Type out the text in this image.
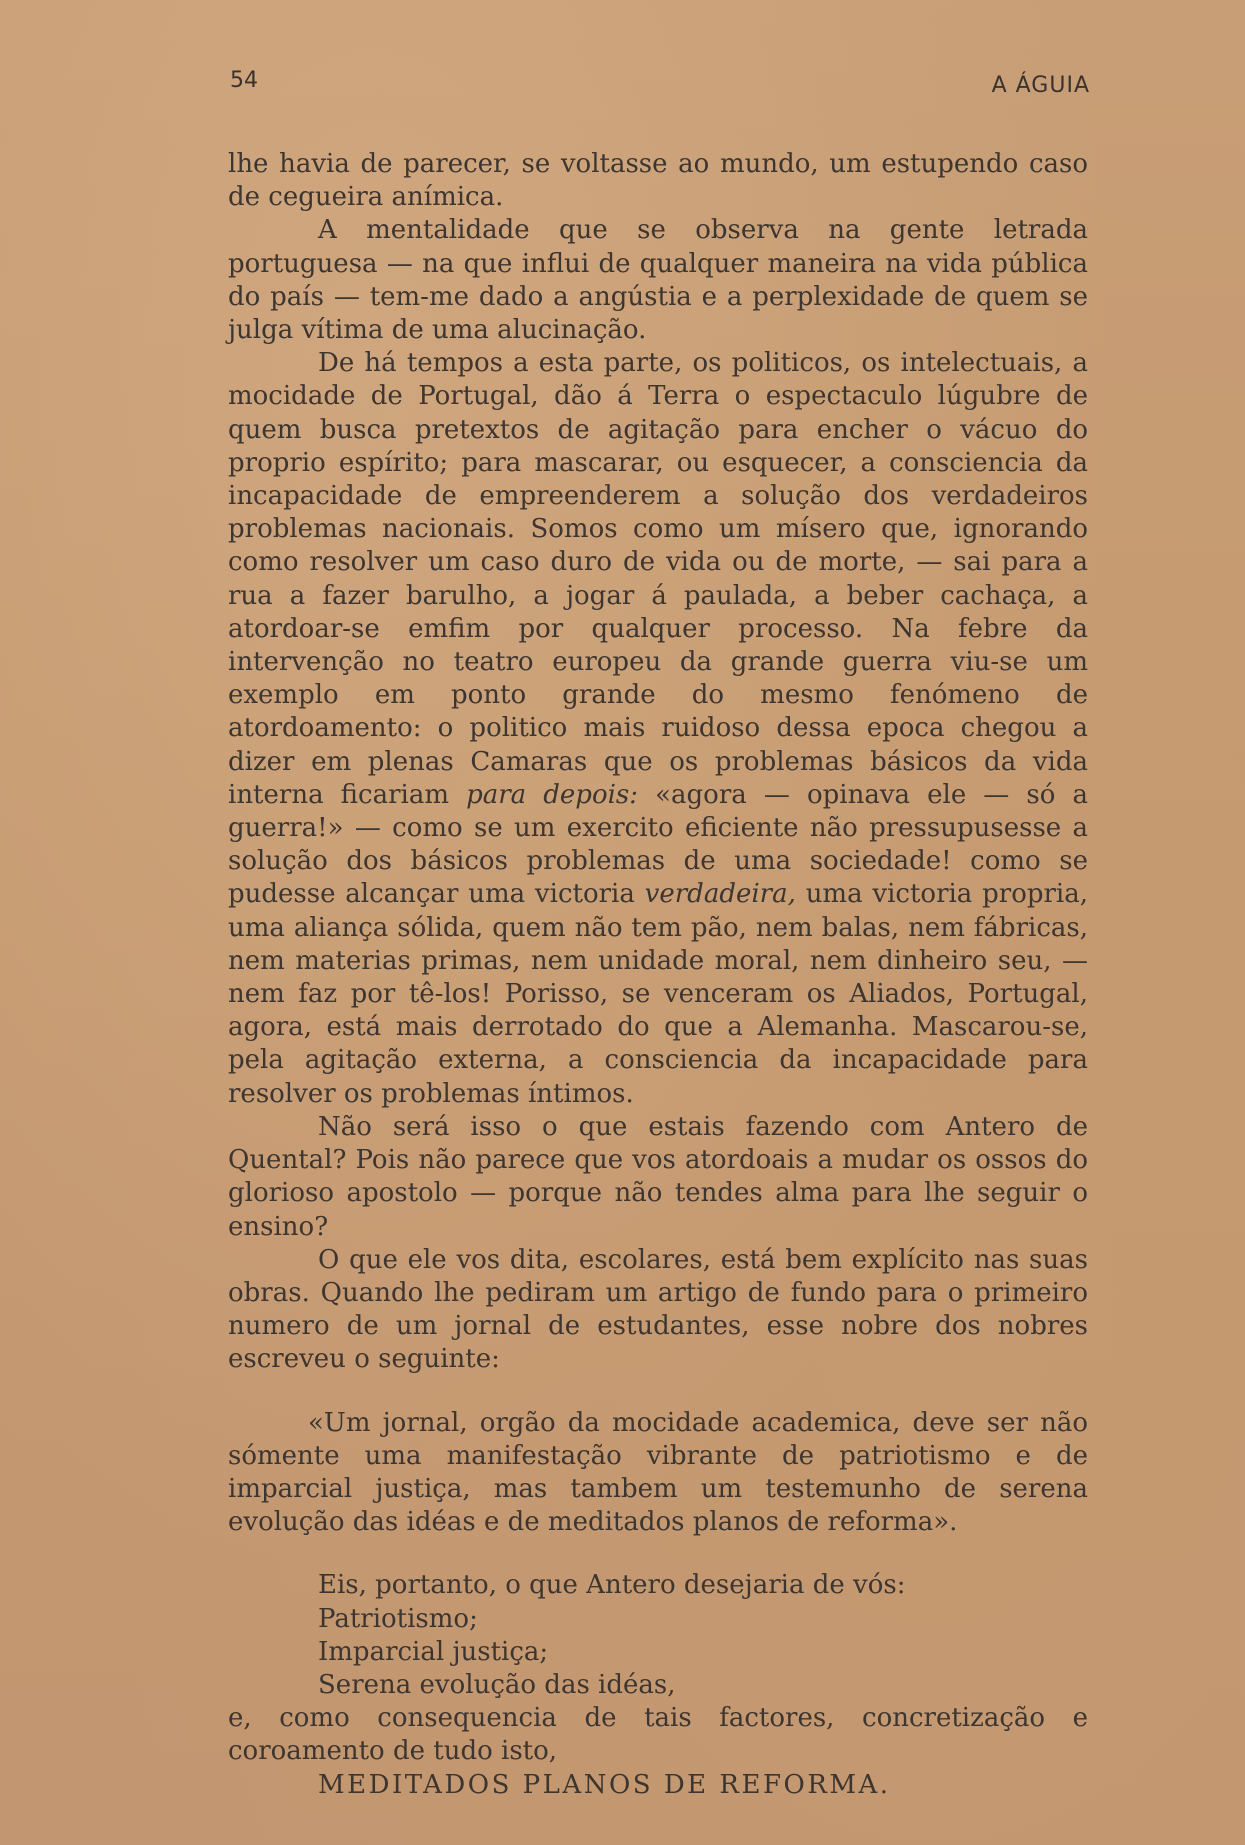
54	A ÁGUIA

lhe havia de parecer, se voltasse ao mundo, um estupendo caso de cegueira anímica.

A mentalidade que se observa na gente letrada portuguesa — na que influi de qualquer maneira na vida pública do país — tem-me dado a angústia e a perplexidade de quem se julga vítima de uma alucinação.

De há tempos a esta parte, os politicos, os intelectuais, a mocidade de Portugal, dão á Terra o espectaculo lúgubre de quem busca pretextos de agitação para encher o vácuo do proprio espírito; para mascarar, ou esquecer, a consciencia da incapacidade de empreenderem a solução dos verdadeiros problemas nacionais. Somos como um mísero que, ignorando como resolver um caso duro de vida ou de morte, — sai para a rua a fazer barulho, a jogar á paulada, a beber cachaça, a atordoar-se emfim por qualquer processo. Na febre da intervenção no teatro europeu da grande guerra viu-se um exemplo em ponto grande do mesmo fenómeno de atordoamento: o politico mais ruidoso dessa epoca chegou a dizer em plenas Camaras que os problemas básicos da vida interna ficariam para depois: «agora — opinava ele — só a guerra!» — como se um exercito eficiente não pressupusesse a solução dos básicos problemas de uma sociedade! como se pudesse alcançar uma victoria verdadeira, uma victoria propria, uma aliança sólida, quem não tem pão, nem balas, nem fábricas, nem materias primas, nem unidade moral, nem dinheiro seu, — nem faz por tê-los! Porisso, se venceram os Aliados, Portugal, agora, está mais derrotado do que a Alemanha. Mascarou-se, pela agitação externa, a consciencia da incapacidade para resolver os problemas íntimos.

Não será isso o que estais fazendo com Antero de Quental? Pois não parece que vos atordoais a mudar os ossos do glorioso apostolo — porque não tendes alma para lhe seguir o ensino?

O que ele vos dita, escolares, está bem explícito nas suas obras. Quando lhe pediram um artigo de fundo para o primeiro numero de um jornal de estudantes, esse nobre dos nobres escreveu o seguinte:

«Um jornal, orgão da mocidade academica, deve ser não sómente uma manifestação vibrante de patriotismo e de imparcial justiça, mas tambem um testemunho de serena evolução das idéas e de meditados planos de reforma».

Eis, portanto, o que Antero desejaria de vós:
Patriotismo;
Imparcial justiça;
Serena evolução das idéas,

e, como consequencia de tais factores, concretização e coroamento de tudo isto,

MEDITADOS PLANOS DE REFORMA.
